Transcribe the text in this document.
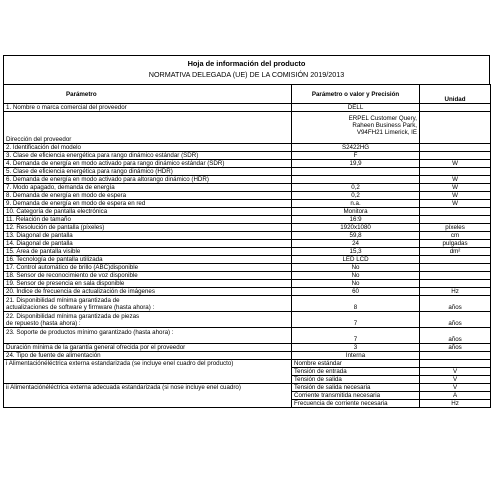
Hoja de información del producto
NORMATIVA DELEGADA (UE) DE LA COMISIÓN 2019/2013
Parámetro	Parámetro o valor y Precisión	Unidad
1. Nombre o marca comercial del proveedor	DELL	
Dirección del proveedor	ERPEL Customer Query,
Raheen Business Park,
V94FH21 Limerick, IE	

2. Identificación del modelo	S2422HG	
3. Clase de eficiencia energética para rango dinámico estándar (SDR)	F	
4. Demanda de energía en modo activado para rango dinámico estándar (SDR)	19,9	W
5. Clase de eficiencia energética para rango dinámico (HDR)		
6. Demanda de energía en modo activado para altorango dinámico (HDR)		W
7. Modo apagado, demanda de energía	0,2	W
8. Demanda de energía en modo de espera	0,2	W
9. Demanda de energía en modo de espera en red	n.a.	W
10. Categoría de pantalla electrónica	Monitora	
11. Relación de tamaño	16:9	
12. Resolución de pantalla (píxeles)	1920x1080	píxeles
13. Diagonal de pantalla	59,8	cm
14. Diagonal de pantalla	24	pulgadas
15. Área de pantalla visible	15,3	dm²
16. Tecnología de pantalla utilizada	LED LCD	
17. Control automático de brillo (ABC)disponible	No	
18. Sensor de reconocimiento de voz disponible	No	
19. Sensor de presencia en sala disponible	No	
20. Índice de frecuencia de actualización de imágenes	60	Hz

21. Disponibilidad mínima garantizada de
actualizaciones de software y firmware (hasta ahora) :	8	años

22. Disponibilidad mínima garantizada de piezas
de repuesto (hasta ahora) :	7	años

23. Soporte de productos mínimo garantizado (hasta ahora) :	7	años
Duración mínima de la garantía general ofrecida por el proveedor	3	años
24. Tipo de fuente de alimentación	Interna	
i Alimentaciónéléctrica externa estandarizada (se incluye enel cuadro del producto)	Nombre estándar	
	Tensión de entrada	V
	Tensión de salida	V
ii Alimentaciónéléctrica externa adecuada estandarizada (si nose incluye enel cuadro)	Tensión de salida necesaria	V
	Corriente transmitida necesaria	A
	Frecuencia de corriente necesaria	Hz
